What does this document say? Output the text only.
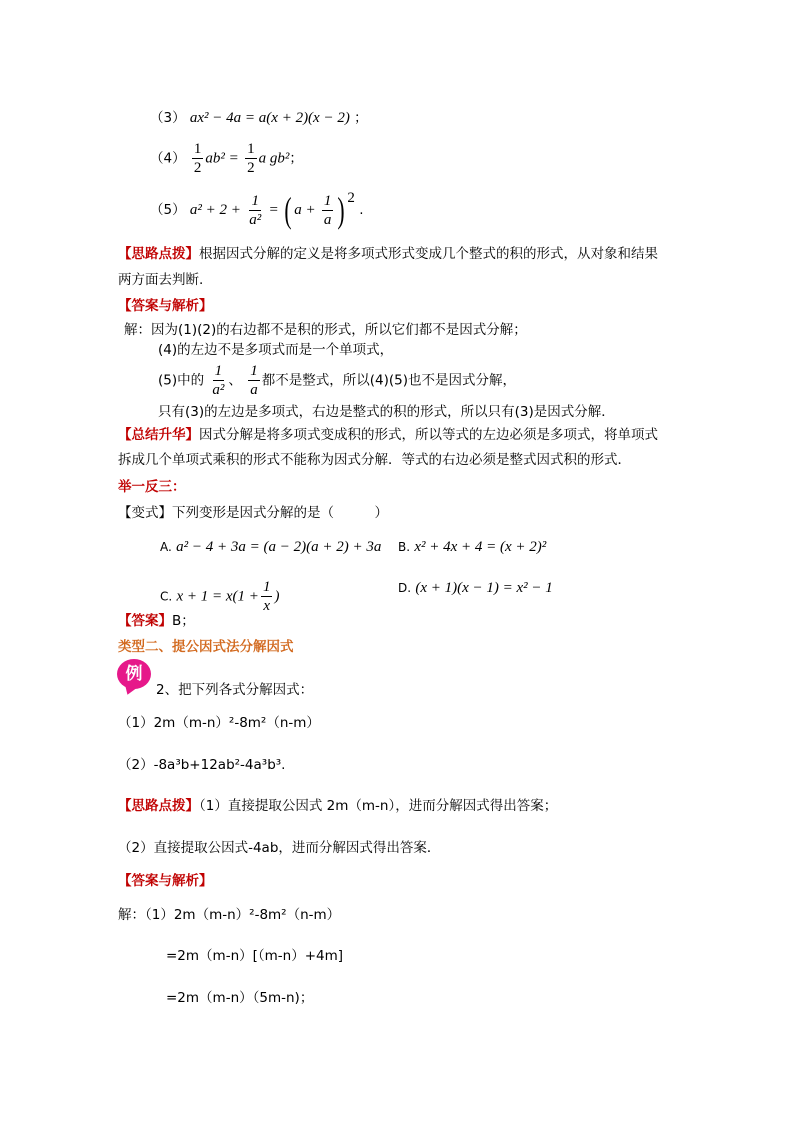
（3） ax² − 4a = a(x + 2)(x − 2) ；
$(4) \frac{1}{2} ab^2 = \frac{1}{2}$ a gb²；
（5） $a^2 + 2 + \frac{1}{\text{a²}}$ = ( $a + \frac{1}{a}$ ) $^2$ .
【思路点拨】根据因式分解的定义是将多项式形式变成几个整式的积的形式，从对象和结果
两方面去判断.
【答案与解析】
解：因为(1)(2)的右边都不是积的形式，所以它们都不是因式分解；
(4)的左边不是多项式而是一个单项式，
(5)中的 $\frac{1}{\text{a²}}$ 、 $\frac{1}{a}$ 都不是整式，所以(4)(5)也不是因式分解，
只有(3)的左边是多项式，右边是整式的积的形式，所以只有(3)是因式分解．
【总结升华】因式分解是将多项式变成积的形式，所以等式的左边必须是多项式，将单项式
拆成几个单项式乘积的形式不能称为因式分解．等式的右边必须是整式因式积的形式．
举一反三：
【变式】下列变形是因式分解的是（　　　）
A. a² − 4 + 3a = (a − 2)(a + 2) + 3a B. x² + 4x + 4 = (x + 2)²
C. $x + 1 = x(1 + \frac{1}{x}$ )
D. (x + 1)(x − 1) = x² − 1
【答案】B；
类型二、提公因式法分解因式
例
2、把下列各式分解因式：
（1）2m（m-n）²-8m²（n-m）
（2）-8a³b+12ab²-4a³b³.
【思路点拨】（1）直接提取公因式 2m（m-n），进而分解因式得出答案；
（2）直接提取公因式-4ab，进而分解因式得出答案．
【答案与解析】
解：（1）2m（m-n）²-8m²（n-m）
=2m（m-n）[（m-n）+4m]
=2m（m-n）（5m-n)；
